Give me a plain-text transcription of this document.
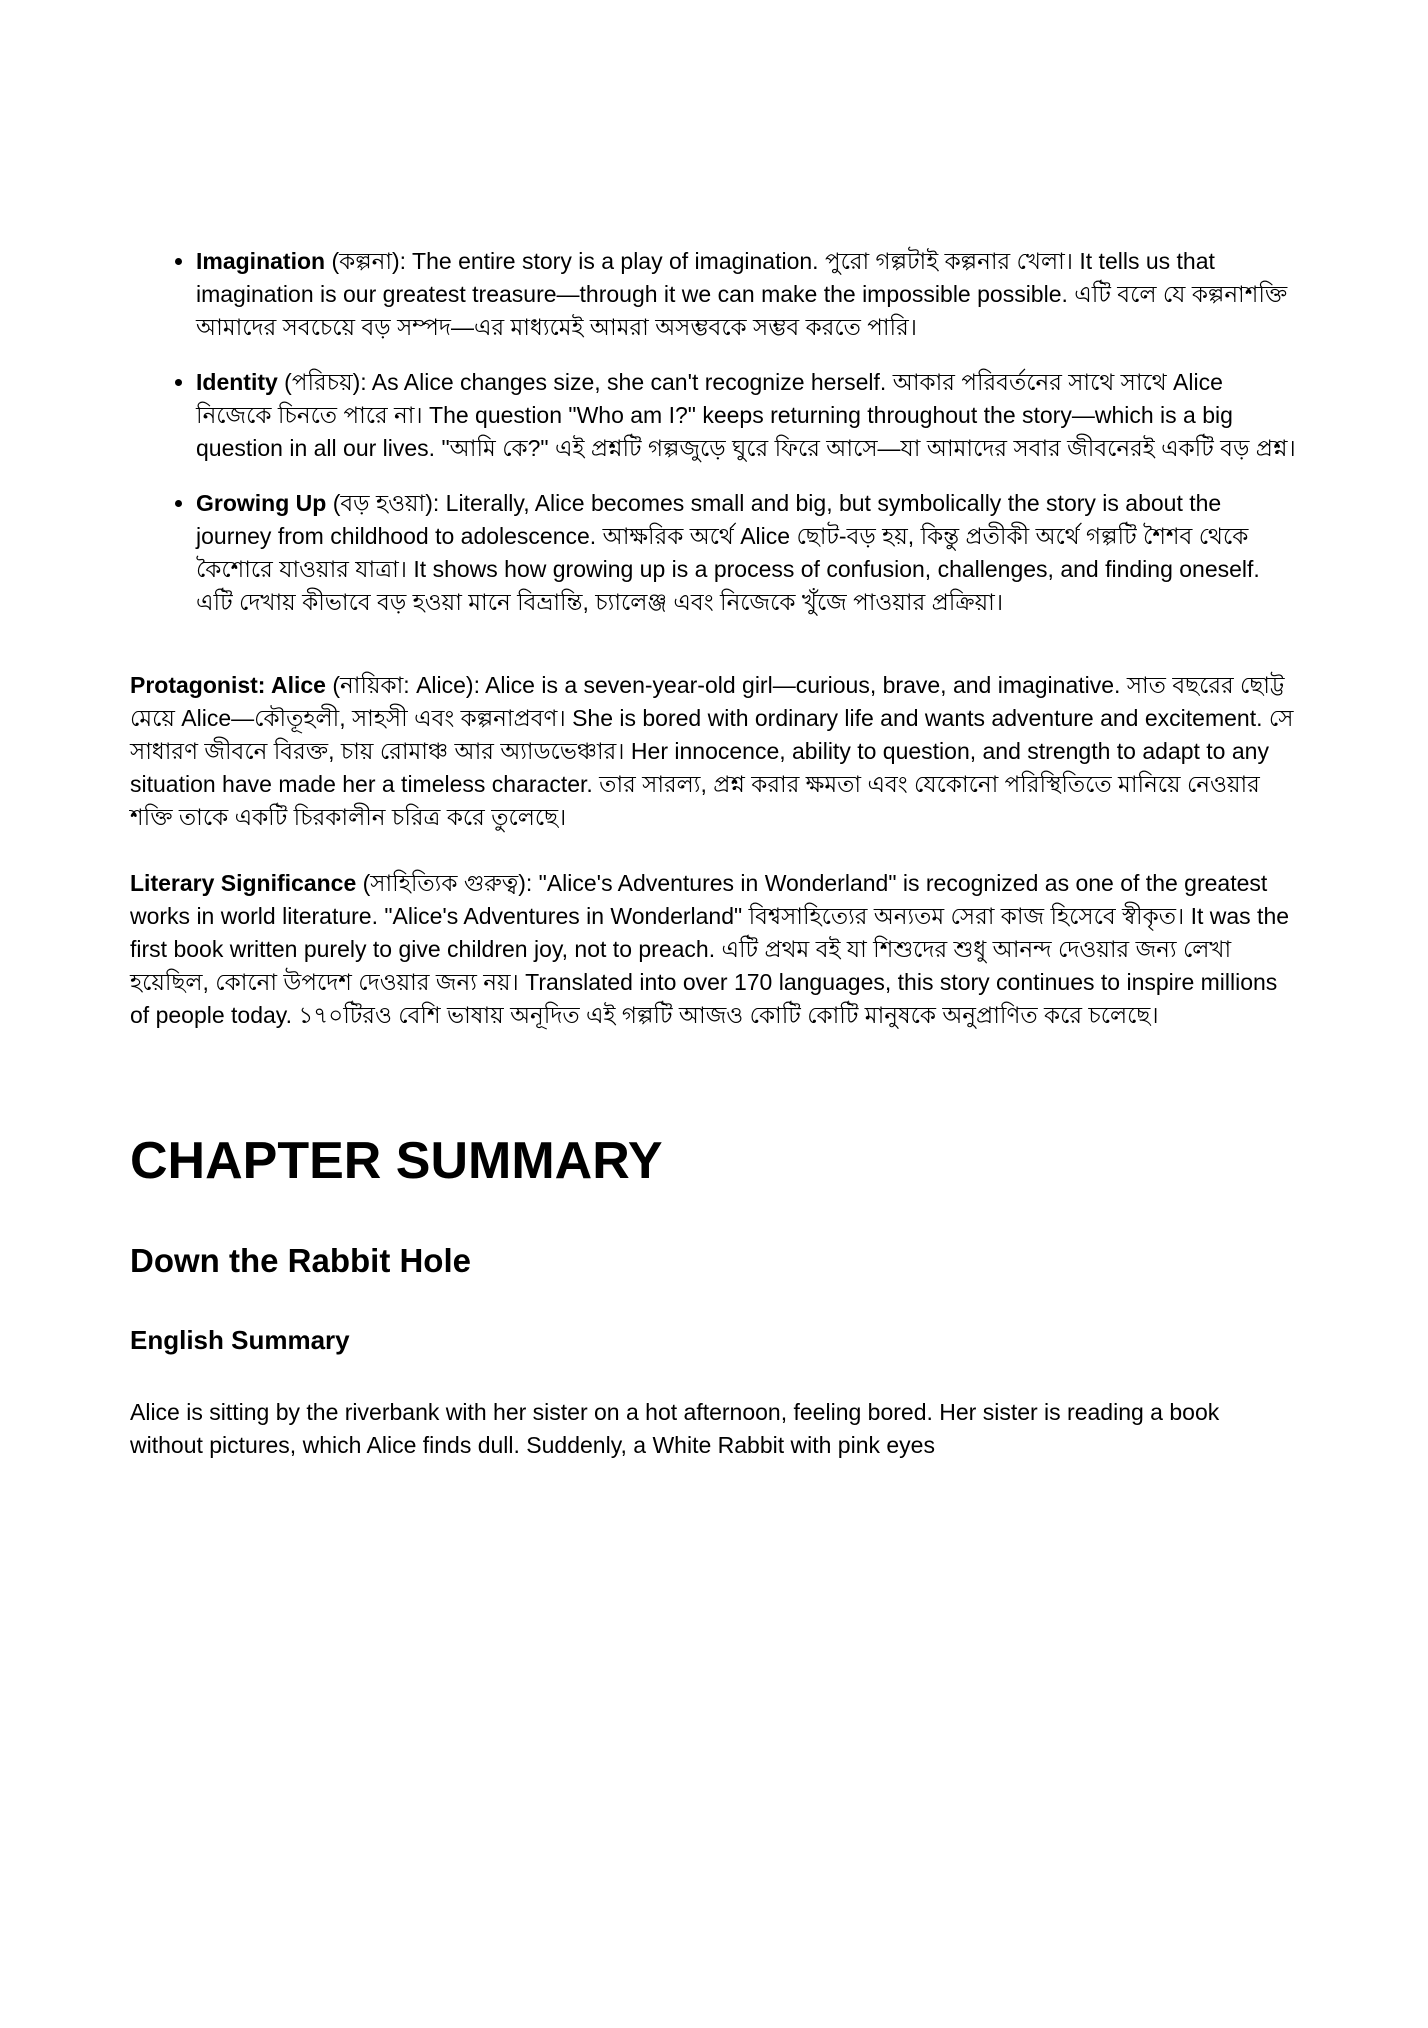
• Imagination (কল্পনা): The entire story is a play of imagination. পুরো গল্পটাই কল্পনার খেলা। It tells us that imagination is our greatest treasure—through it we can make the impossible possible. এটি বলে যে কল্পনাশক্তি আমাদের সবচেয়ে বড় সম্পদ—এর মাধ্যমেই আমরা অসম্ভবকে সম্ভব করতে পারি।
• Identity (পরিচয়): As Alice changes size, she can't recognize herself. আকার পরিবর্তনের সাথে সাথে Alice নিজেকে চিনতে পারে না। The question "Who am I?" keeps returning throughout the story—which is a big question in all our lives. "আমি কে?" এই প্রশ্নটি গল্পজুড়ে ঘুরে ফিরে আসে—যা আমাদের সবার জীবনেরই একটি বড় প্রশ্ন।
• Growing Up (বড় হওয়া): Literally, Alice becomes small and big, but symbolically the story is about the journey from childhood to adolescence. আক্ষরিক অর্থে Alice ছোট-বড় হয়, কিন্তু প্রতীকী অর্থে গল্পটি শৈশব থেকে কৈশোরে যাওয়ার যাত্রা। It shows how growing up is a process of confusion, challenges, and finding oneself. এটি দেখায় কীভাবে বড় হওয়া মানে বিভ্রান্তি, চ্যালেঞ্জ এবং নিজেকে খুঁজে পাওয়ার প্রক্রিয়া।

Protagonist: Alice (নায়িকা: Alice): Alice is a seven-year-old girl—curious, brave, and imaginative. সাত বছরের ছোট্ট মেয়ে Alice—কৌতূহলী, সাহসী এবং কল্পনাপ্রবণ। She is bored with ordinary life and wants adventure and excitement. সে সাধারণ জীবনে বিরক্ত, চায় রোমাঞ্চ আর অ্যাডভেঞ্চার। Her innocence, ability to question, and strength to adapt to any situation have made her a timeless character. তার সারল্য, প্রশ্ন করার ক্ষমতা এবং যেকোনো পরিস্থিতিতে মানিয়ে নেওয়ার শক্তি তাকে একটি চিরকালীন চরিত্র করে তুলেছে।

Literary Significance (সাহিত্যিক গুরুত্ব): "Alice's Adventures in Wonderland" is recognized as one of the greatest works in world literature. "Alice's Adventures in Wonderland" বিশ্বসাহিত্যের অন্যতম সেরা কাজ হিসেবে স্বীকৃত। It was the first book written purely to give children joy, not to preach. এটি প্রথম বই যা শিশুদের শুধু আনন্দ দেওয়ার জন্য লেখা হয়েছিল, কোনো উপদেশ দেওয়ার জন্য নয়। Translated into over 170 languages, this story continues to inspire millions of people today. ১৭০টিরও বেশি ভাষায় অনূদিত এই গল্পটি আজও কোটি কোটি মানুষকে অনুপ্রাণিত করে চলেছে।

CHAPTER SUMMARY
Down the Rabbit Hole
English Summary

Alice is sitting by the riverbank with her sister on a hot afternoon, feeling bored. Her sister is reading a book without pictures, which Alice finds dull. Suddenly, a White Rabbit with pink eyes
